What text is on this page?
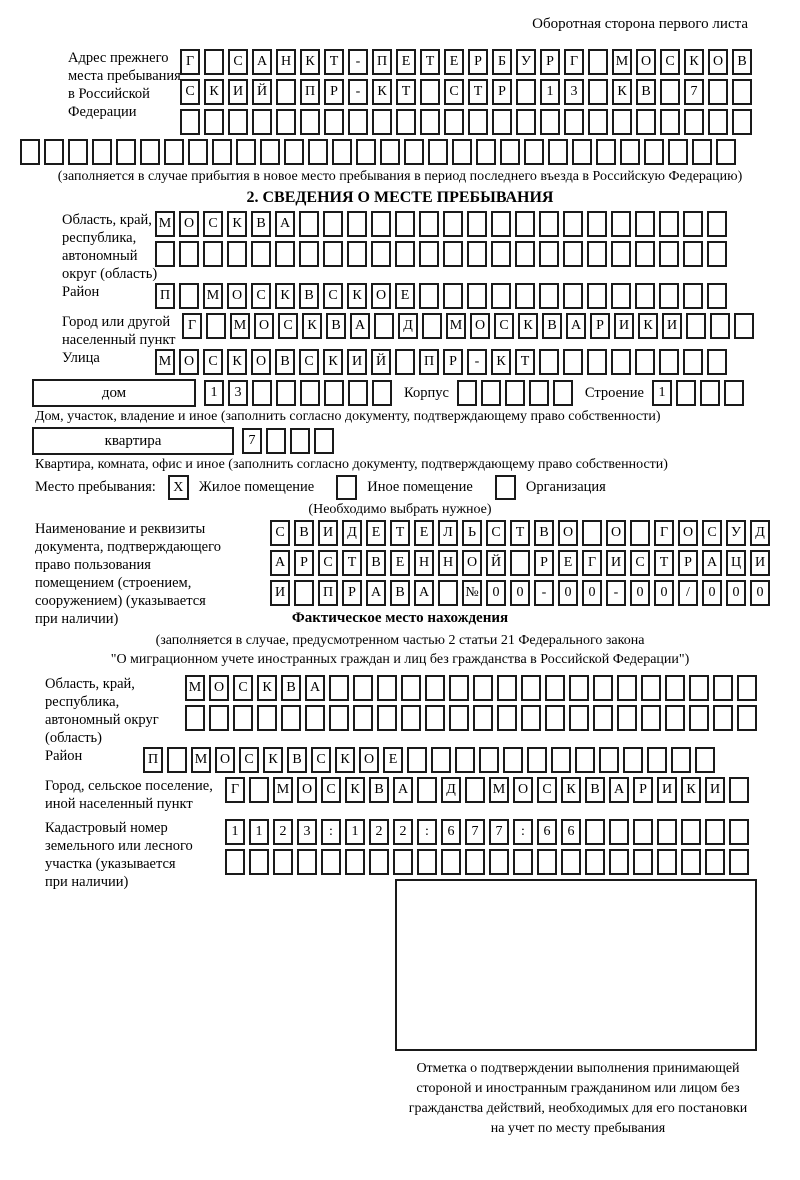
Оборотная сторона первого листа
Адрес прежнего
места пребывания
в Российской
Федерации
Г	С	А Н	К	Т	-	П	Е	Т	Е	Р	Б	У	Р	Г	М О	С	К	О	В
С	К	И Й	П	Р	-	К	Т	С	Т	Р	1	3	К	В	7
(заполняется в случае прибытия в новое место пребывания в период последнего въезда в Российскую Федерацию)
2. СВЕДЕНИЯ О МЕСТЕ ПРЕБЫВАНИЯ
Область, край,
республика,
автономный
округ (область)
М О	С	К	В	А
Район	П	М О	С	К	В	С	К	О	Е
Город или другой
населенный пункт
Г	М О	С	К	В	А	Д	М О	С	К	В	А	Р	И	К	И
Улица	М О	С	К	О	В	С	К	И Й	П	Р	-	К	Т
дом	1	3	Корпус	Строение	1
Дом, участок, владение и иное (заполнить согласно документу, подтверждающему право собственности)
квартира	7
Квартира, комната, офис и иное (заполнить согласно документу, подтверждающему право собственности)
Место пребывания:	X	Жилое помещение	Иное помещение	Организация
(Необходимо выбрать нужное)
Наименование и реквизиты
документа, подтверждающего
право пользования
помещением (строением,
сооружением) (указывается
при наличии)
С	В	И	Д	Е	Т	Е	Л	Ь	С	Т	В	О	О	Г	О	С	У	Д
А	Р	С	Т	В	Е	Н Н О Й	Р	Е	Г	И	С	Т	Р	А Ц И
И	П	Р	А	В	А	№ 0	0	-	0	0	-	0	0	/	0	0	0
Фактическое место нахождения
(заполняется в случае, предусмотренном частью 2 статьи 21 Федерального закона
"О миграционном учете иностранных граждан и лиц без гражданства в Российской Федерации")
Область, край,
республика,
автономный округ
(область)
М О	С	К	В	А
Район	П	М О	С	К	В	С	К	О	Е
Город, сельское поселение,
иной населенный пункт
Г	М О	С	К	В	А	Д	М О	С	К	В	А	Р	И	К	И
Кадастровый номер
земельного или лесного
участка (указывается
при наличии)
1	1	2	3	:	1	2	2	:	6	7	7	:	6	6
Отметка о подтверждении выполнения принимающей
стороной и иностранным гражданином или лицом без
гражданства действий, необходимых для его постановки
на учет по месту пребывания
